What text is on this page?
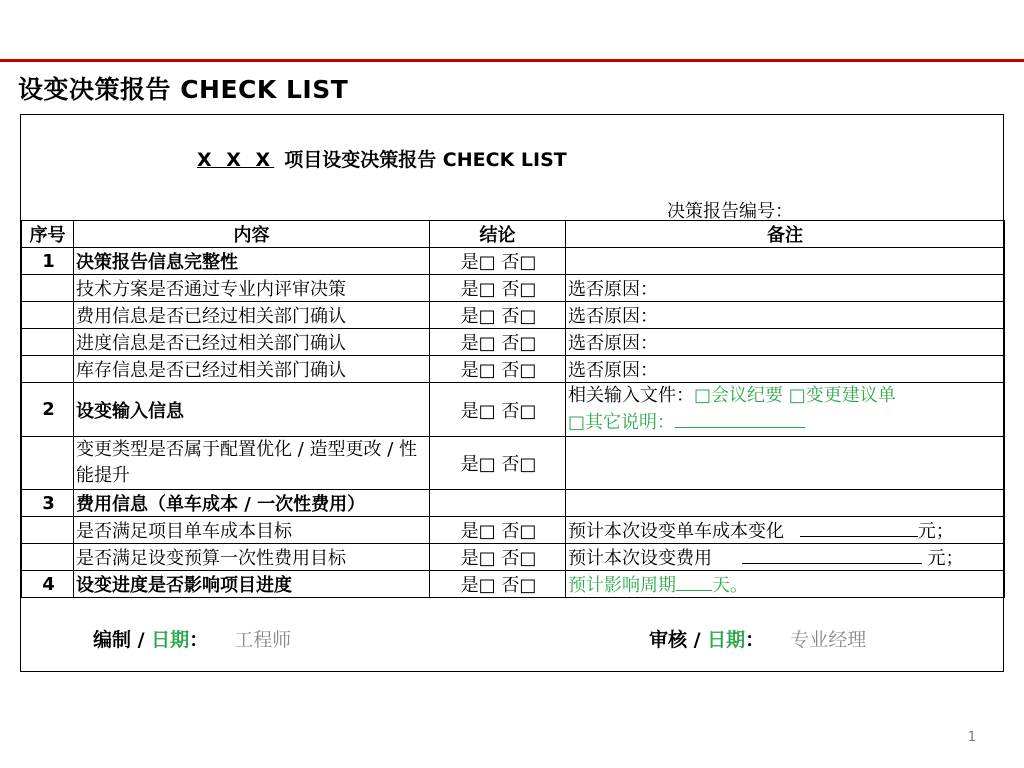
设变决策报告 CHECK LIST
X X X 项目设变决策报告 CHECK LIST
决策报告编号：
序号	内容	结论	备注
1	决策报告信息完整性	是□ 否□	
	技术方案是否通过专业内评审决策	是□ 否□	选否原因：
	费用信息是否已经过相关部门确认	是□ 否□	选否原因：
	进度信息是否已经过相关部门确认	是□ 否□	选否原因：
	库存信息是否已经过相关部门确认	是□ 否□	选否原因：
2	设变输入信息	是□ 否□	相关输入文件：□会议纪要 □变更建议单
□其它说明：
	变更类型是否属于配置优化 / 造型更改 / 性能提升	是□ 否□	
3	费用信息（单车成本 / 一次性费用）		
	是否满足项目单车成本目标	是□ 否□	预计本次设变单车成本变化 元；
	是否满足设变预算一次性费用目标	是□ 否□	预计本次设变费用 元；
4	设变进度是否影响项目进度	是□ 否□	预计影响周期 天。
编制 / 日期： 工程师	审核 / 日期： 专业经理
1
